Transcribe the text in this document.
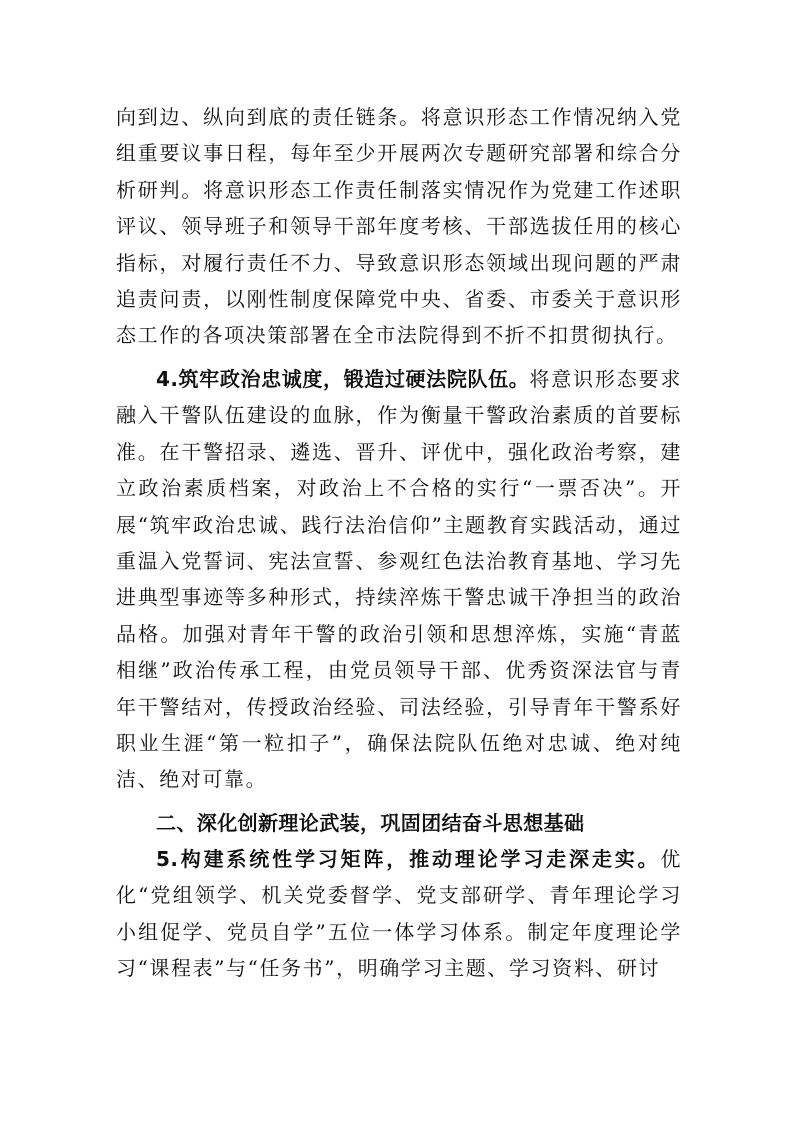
向到边、纵向到底的责任链条。将意识形态工作情况纳入党组重要议事日程，每年至少开展两次专题研究部署和综合分析研判。将意识形态工作责任制落实情况作为党建工作述职评议、领导班子和领导干部年度考核、干部选拔任用的核心指标，对履行责任不力、导致意识形态领域出现问题的严肃追责问责，以刚性制度保障党中央、省委、市委关于意识形态工作的各项决策部署在全市法院得到不折不扣贯彻执行。

4.筑牢政治忠诚度，锻造过硬法院队伍。将意识形态要求融入干警队伍建设的血脉，作为衡量干警政治素质的首要标准。在干警招录、遴选、晋升、评优中，强化政治考察，建立政治素质档案，对政治上不合格的实行“一票否决”。开展“筑牢政治忠诚、践行法治信仰”主题教育实践活动，通过重温入党誓词、宪法宣誓、参观红色法治教育基地、学习先进典型事迹等多种形式，持续淬炼干警忠诚干净担当的政治品格。加强对青年干警的政治引领和思想淬炼，实施“青蓝相继”政治传承工程，由党员领导干部、优秀资深法官与青年干警结对，传授政治经验、司法经验，引导青年干警系好职业生涯“第一粒扣子”，确保法院队伍绝对忠诚、绝对纯洁、绝对可靠。

二、深化创新理论武装，巩固团结奋斗思想基础

5.构建系统性学习矩阵，推动理论学习走深走实。优化“党组领学、机关党委督学、党支部研学、青年理论学习小组促学、党员自学”五位一体学习体系。制定年度理论学习“课程表”与“任务书”，明确学习主题、学习资料、研讨
